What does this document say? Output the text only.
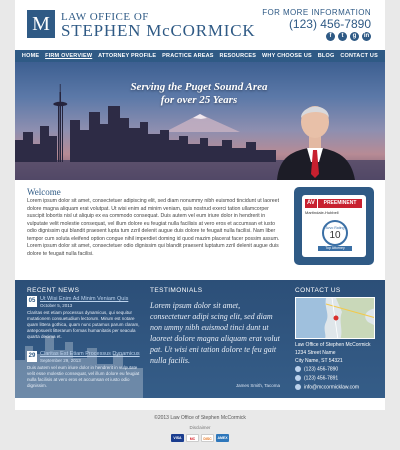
M	LAW OFFICE OF
STEPHEN McCORMICK
FOR MORE INFORMATION
(123) 456-7890
f	t	g	in
HOME FIRM OVERVIEW ATTORNEY PROFILE PRACTICE AREAS RESOURCES WHY CHOOSE US BLOG CONTACT US
Serving the Puget Sound Area
for over 25 Years
Welcome
Lorem ipsum dolor sit amet, consectetuer adipiscing elit, sed diam nonummy nibh euismod tincidunt ut laoreet dolore magna aliquam erat volutpat. Ut wisi enim ad minim veniam, quis nostrud exerci tation ullamcorper suscipit lobortis nisl ut aliquip ex ea commodo consequat. Duis autem vel eum iriure dolor in hendrerit in vulputate velit molestie consequat, vel illum dolore eu feugiat nulla facilisis at vero eros et accumsan et iusto odio dignissim qui blandit praesent lupta tum zzril delenit augue duis dolore te feugait nulla facilisi. Nam liber tempor cum soluta eleifend option congue nihil imperdiet doming id quod mazim placerat facer possim assum. Lorem ipsum dolor sit amet, consectetuer odio dignissim qui blandit praesent luptatum zzril delenit augue duis dolore te feugait nulla facilisi.
AV	PREEMINENT
Martindale-Hubbell
Avvo Rating
10
Top Attorney
RECENT NEWS
05 Ut Wisi Enim Ad Minim Veniam Quis
October 5, 2013
Claritas est etiam processus dynamicus, qui sequitur mutationem consuetudium lectorum. Mirum est notare quam littera gothica, quam nunc putamus parum claram, anteposuerit litterarum formas humanitatis per seacula quarta decima et.
29 Claritas Est Etiam Processus Dynamicus
September 29, 2013
Duis autem vel eum iriure dolor in hendrerit in vulputate velit esse molestie consequat, vel illum dolore eu feugiat nulla facilisis at vero eros et accumsan et iusto odio dignissim.
TESTIMONIALS
Lorem ipsum dolor sit amet, consectetuer adipi scing elit, sed diam non ummy nibh euismod tinci dunt ut laoreet dolore magna aliquam erat volut pat. Ut wisi eni tation dolore te feu gait nulla facilis.
James Smith, Tacoma
CONTACT US
Law Office of Stephen McCormick
1234 Street Name
City Name, ST 54321
(123) 456-7890
(123) 456-7891
info@mccormicklaw.com
©2013 Law Office of Stephen McCormick
Disclaimer
VISA	MC	DISC	AMEX
